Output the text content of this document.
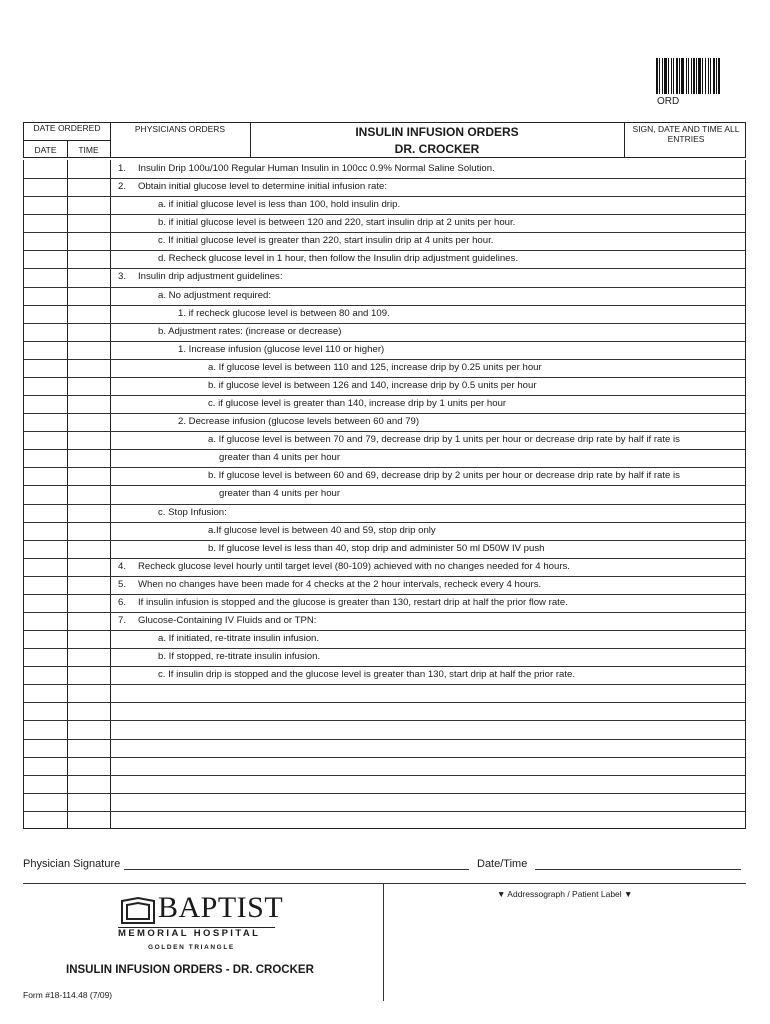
ORD
DATE ORDERED
DATE	TIME
PHYSICIANS ORDERS	INSULIN INFUSION ORDERS
DR. CROCKER
SIGN, DATE AND TIME ALL ENTRIES
1. Insulin Drip 100u/100 Regular Human Insulin in 100cc 0.9% Normal Saline Solution.
2. Obtain initial glucose level to determine initial infusion rate:
a. if initial glucose level is less than 100, hold insulin drip.
b. if initial glucose level is between 120 and 220, start insulin drip at 2 units per hour.
c. If initial glucose level is greater than 220, start insulin drip at 4 units per hour.
d. Recheck glucose level in 1 hour, then follow the Insulin drip adjustment guidelines.
3. Insulin drip adjustment guidelines:
a. No adjustment required:
1. if recheck glucose level is between 80 and 109.
b. Adjustment rates: (increase or decrease)
1. Increase infusion (glucose level 110 or higher)
a. If glucose level is between 110 and 125, increase drip by 0.25 units per hour
b. if glucose level is between 126 and 140, increase drip by 0.5 units per hour
c. if glucose level is greater than 140, increase drip by 1 units per hour
2. Decrease infusion (glucose levels between 60 and 79)
a. If glucose level is between 70 and 79, decrease drip by 1 units per hour or decrease drip rate by half if rate is
greater than 4 units per hour
b. If glucose level is between 60 and 69, decrease drip by 2 units per hour or decrease drip rate by half if rate is
greater than 4 units per hour
c. Stop Infusion:
a.If glucose level is between 40 and 59, stop drip only
b. If glucose level is less than 40, stop drip and administer 50 ml D50W IV push
4. Recheck glucose level hourly until target level (80-109) achieved with no changes needed for 4 hours.
5. When no changes have been made for 4 checks at the 2 hour intervals, recheck every 4 hours.
6. If insulin infusion is stopped and the glucose is greater than 130, restart drip at half the prior flow rate.
7. Glucose-Containing IV Fluids and or TPN:
a. If initiated, re-titrate insulin infusion.
b. If stopped, re-titrate insulin infusion.
c. If insulin drip is stopped and the glucose level is greater than 130, start drip at half the prior rate.
Physician Signature	Date/Time
BAPTIST
MEMORIAL HOSPITAL
GOLDEN TRIANGLE
▼ Addressograph / Patient Label ▼
INSULIN INFUSION ORDERS - DR. CROCKER
Form #18-114.48 (7/09)
